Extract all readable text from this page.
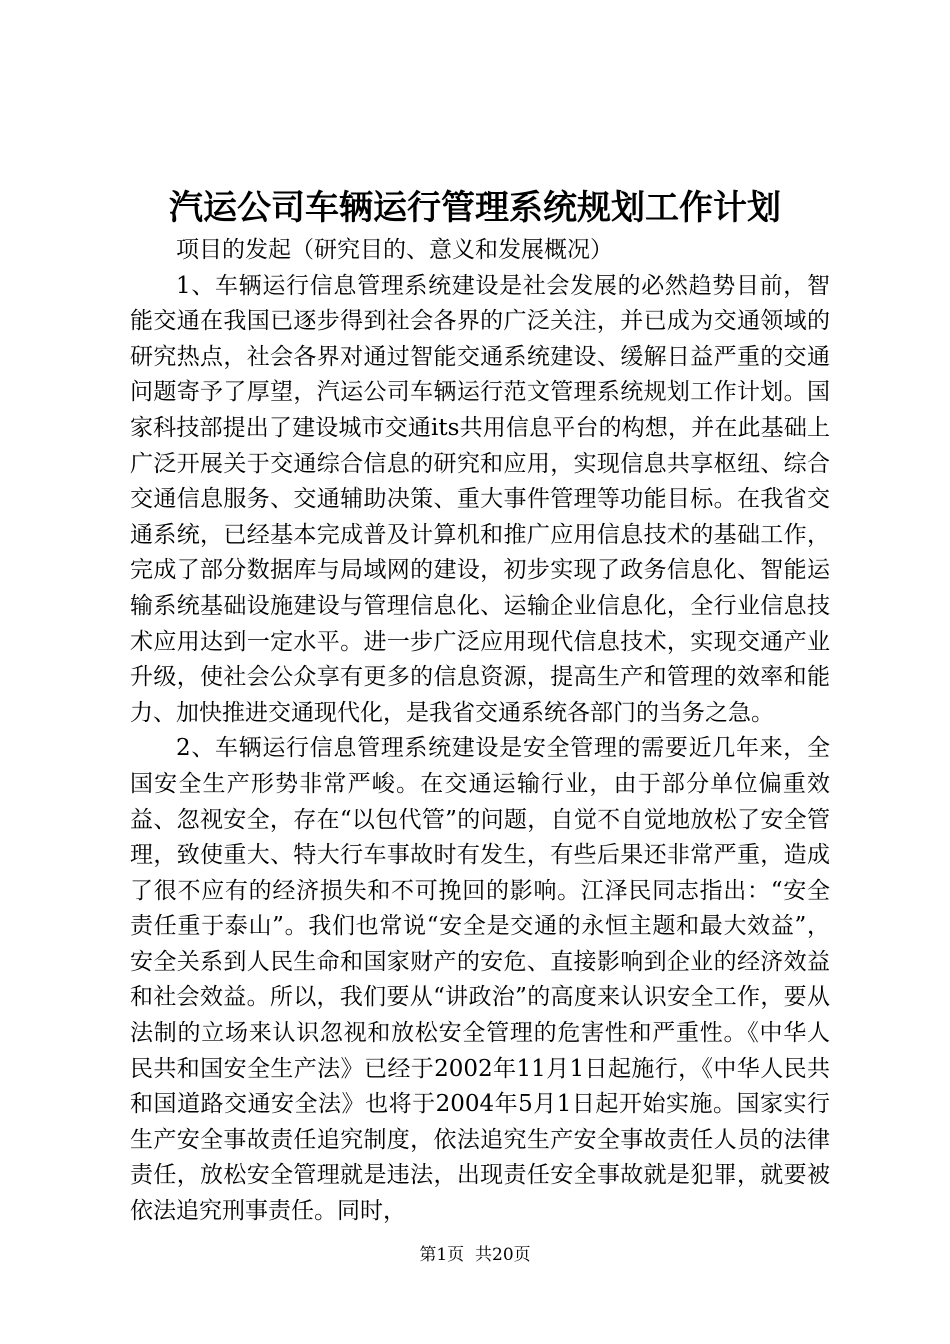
汽运公司车辆运行管理系统规划工作计划

项目的发起（研究目的、意义和发展概况）

1、车辆运行信息管理系统建设是社会发展的必然趋势目前，智能交通在我国已逐步得到社会各界的广泛关注，并已成为交通领域的研究热点，社会各界对通过智能交通系统建设、缓解日益严重的交通问题寄予了厚望，汽运公司车辆运行范文管理系统规划工作计划。国家科技部提出了建设城市交通its共用信息平台的构想，并在此基础上广泛开展关于交通综合信息的研究和应用，实现信息共享枢纽、综合交通信息服务、交通辅助决策、重大事件管理等功能目标。在我省交通系统，已经基本完成普及计算机和推广应用信息技术的基础工作，完成了部分数据库与局域网的建设，初步实现了政务信息化、智能运输系统基础设施建设与管理信息化、运输企业信息化，全行业信息技术应用达到一定水平。进一步广泛应用现代信息技术，实现交通产业升级，使社会公众享有更多的信息资源，提高生产和管理的效率和能力、加快推进交通现代化，是我省交通系统各部门的当务之急。

2、车辆运行信息管理系统建设是安全管理的需要近几年来，全国安全生产形势非常严峻。在交通运输行业，由于部分单位偏重效益、忽视安全，存在“以包代管”的问题，自觉不自觉地放松了安全管理，致使重大、特大行车事故时有发生，有些后果还非常严重，造成了很不应有的经济损失和不可挽回的影响。江泽民同志指出：“安全责任重于泰山”。我们也常说“安全是交通的永恒主题和最大效益”，安全关系到人民生命和国家财产的安危、直接影响到企业的经济效益和社会效益。所以，我们要从“讲政治”的高度来认识安全工作，要从法制的立场来认识忽视和放松安全管理的危害性和严重性。《中华人民共和国安全生产法》已经于2002年11月1日起施行，《中华人民共和国道路交通安全法》也将于2004年5月1日起开始实施。国家实行生产安全事故责任追究制度，依法追究生产安全事故责任人员的法律责任，放松安全管理就是违法，出现责任安全事故就是犯罪，就要被依法追究刑事责任。同时，

第1页 共20页
